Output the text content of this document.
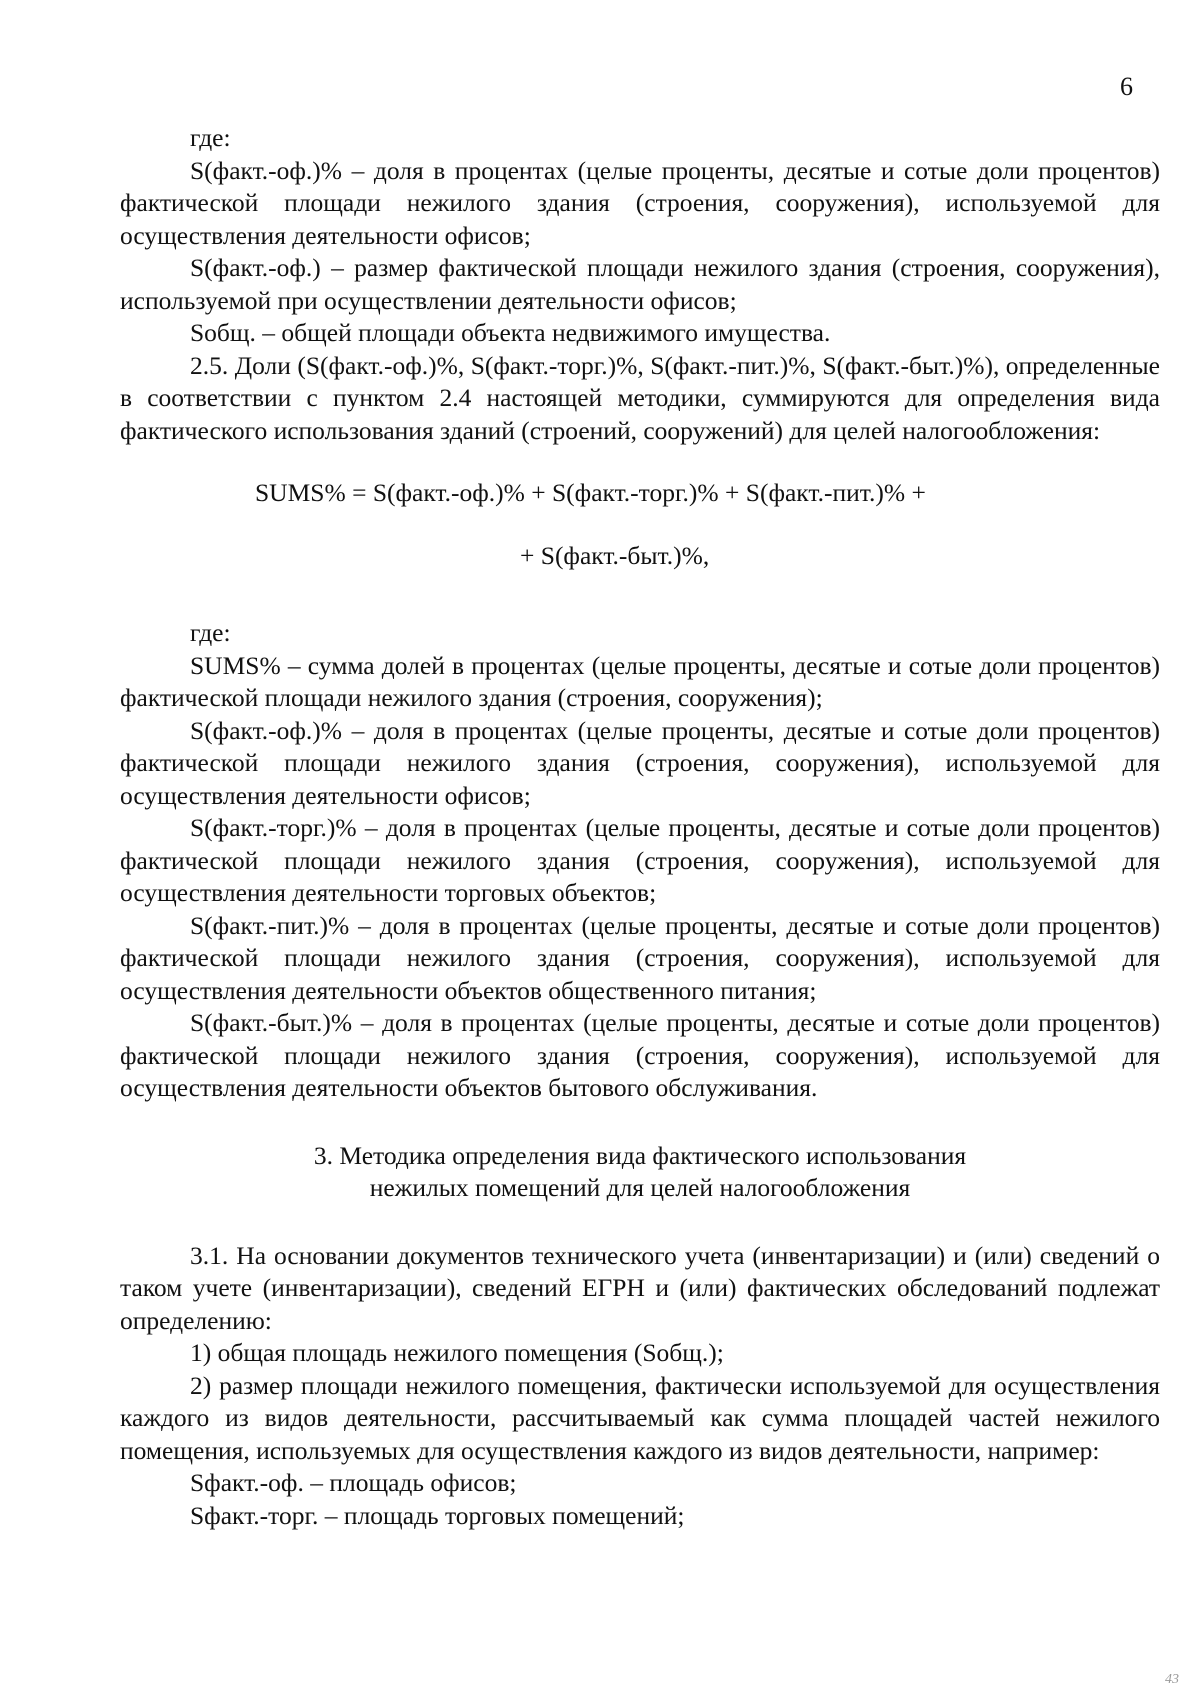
6

где:

S(факт.-оф.)% – доля в процентах (целые проценты, десятые и сотые доли процентов) фактической площади нежилого здания (строения, сооружения), используемой для осуществления деятельности офисов;

S(факт.-оф.) – размер фактической площади нежилого здания (строения, сооружения), используемой при осуществлении деятельности офисов;

Sобщ. – общей площади объекта недвижимого имущества.

2.5. Доли (S(факт.-оф.)%, S(факт.-торг.)%, S(факт.-пит.)%, S(факт.-быт.)%), определенные в соответствии с пунктом 2.4 настоящей методики, суммируются для определения вида фактического использования зданий (строений, сооружений) для целей налогообложения:

SUMS% = S(факт.-оф.)% + S(факт.-торг.)% + S(факт.-пит.)% +

+ S(факт.-быт.)%,

где:

SUMS% – сумма долей в процентах (целые проценты, десятые и сотые доли процентов) фактической площади нежилого здания (строения, сооружения);

S(факт.-оф.)% – доля в процентах (целые проценты, десятые и сотые доли процентов) фактической площади нежилого здания (строения, сооружения), используемой для осуществления деятельности офисов;

S(факт.-торг.)% – доля в процентах (целые проценты, десятые и сотые доли процентов) фактической площади нежилого здания (строения, сооружения), используемой для осуществления деятельности торговых объектов;

S(факт.-пит.)% – доля в процентах (целые проценты, десятые и сотые доли процентов) фактической площади нежилого здания (строения, сооружения), используемой для осуществления деятельности объектов общественного питания;

S(факт.-быт.)% – доля в процентах (целые проценты, десятые и сотые доли процентов) фактической площади нежилого здания (строения, сооружения), используемой для осуществления деятельности объектов бытового обслуживания.

3. Методика определения вида фактического использования
нежилых помещений для целей налогообложения

3.1. На основании документов технического учета (инвентаризации) и (или) сведений о таком учете (инвентаризации), сведений ЕГРН и (или) фактических обследований подлежат определению:

1) общая площадь нежилого помещения (Sобщ.);

2) размер площади нежилого помещения, фактически используемой для осуществления каждого из видов деятельности, рассчитываемый как сумма площадей частей нежилого помещения, используемых для осуществления каждого из видов деятельности, например:

Sфакт.-оф. – площадь офисов;

Sфакт.-торг. – площадь торговых помещений;

43
